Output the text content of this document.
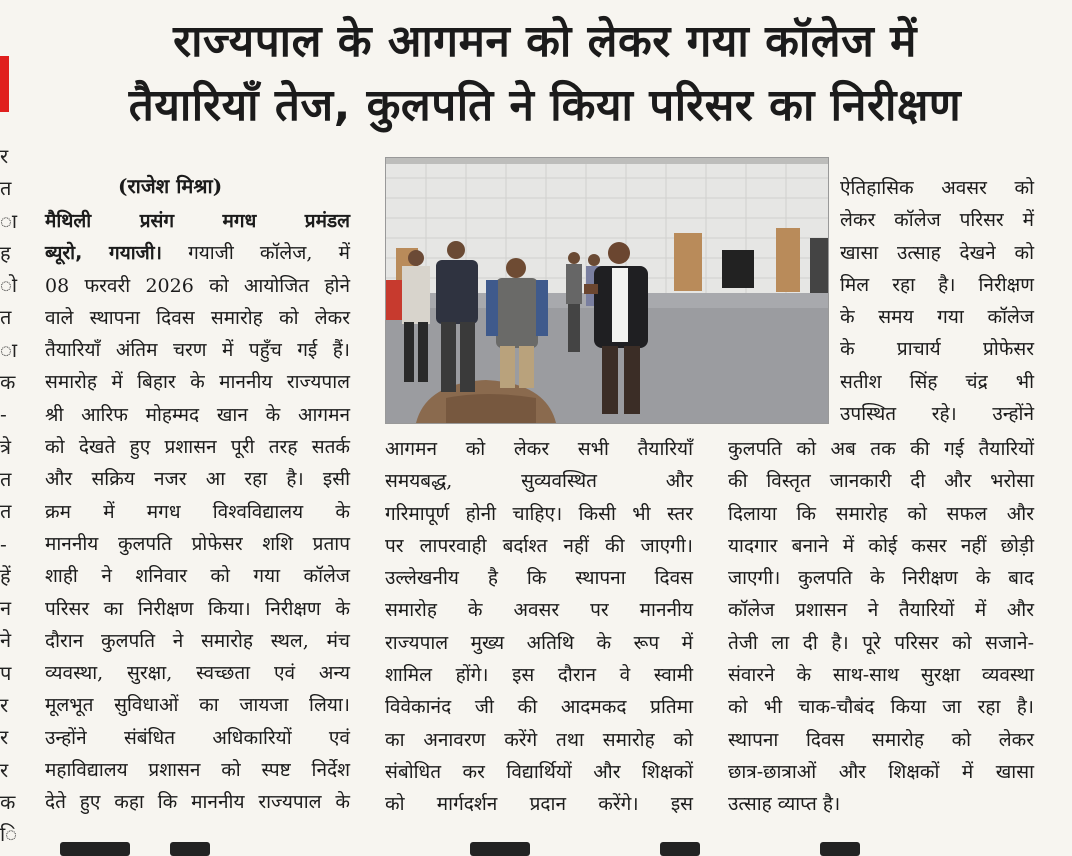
र
त
ा
ह
ो
त
ा
क
-
त्रे
त
त
-
हें
न
ने
प
र
र
र
क
ि
राज्यपाल के आगमन को लेकर गया कॉलेज में
तैयारियाँ तेज, कुलपति ने किया परिसर का निरीक्षण
(राजेश मिश्रा)
मैथिली प्रसंग मगध प्रमंडल
ब्यूरो, गयाजी। गयाजी कॉलेज, में
08 फरवरी 2026 को आयोजित होने
वाले स्थापना दिवस समारोह को लेकर
तैयारियाँ अंतिम चरण में पहुँच गई हैं।
समारोह में बिहार के माननीय राज्यपाल
श्री आरिफ मोहम्मद खान के आगमन
को देखते हुए प्रशासन पूरी तरह सतर्क
और सक्रिय नजर आ रहा है। इसी
क्रम में मगध विश्वविद्यालय के
माननीय कुलपति प्रोफेसर शशि प्रताप
शाही ने शनिवार को गया कॉलेज
परिसर का निरीक्षण किया। निरीक्षण के
दौरान कुलपति ने समारोह स्थल, मंच
व्यवस्था, सुरक्षा, स्वच्छता एवं अन्य
मूलभूत सुविधाओं का जायजा लिया।
उन्होंने संबंधित अधिकारियों एवं
महाविद्यालय प्रशासन को स्पष्ट निर्देश
देते हुए कहा कि माननीय राज्यपाल के
ऐतिहासिक अवसर को
लेकर कॉलेज परिसर में
खासा उत्साह देखने को
मिल रहा है। निरीक्षण
के समय गया कॉलेज
के प्राचार्य प्रोफेसर
सतीश सिंह चंद्र भी
उपस्थित रहे। उन्होंने
आगमन को लेकर सभी तैयारियाँ
समयबद्ध, सुव्यवस्थित और
गरिमापूर्ण होनी चाहिए। किसी भी स्तर
पर लापरवाही बर्दाश्त नहीं की जाएगी।
उल्लेखनीय है कि स्थापना दिवस
समारोह के अवसर पर माननीय
राज्यपाल मुख्य अतिथि के रूप में
शामिल होंगे। इस दौरान वे स्वामी
विवेकानंद जी की आदमकद प्रतिमा
का अनावरण करेंगे तथा समारोह को
संबोधित कर विद्यार्थियों और शिक्षकों
को मार्गदर्शन प्रदान करेंगे। इस
कुलपति को अब तक की गई तैयारियों
की विस्तृत जानकारी दी और भरोसा
दिलाया कि समारोह को सफल और
यादगार बनाने में कोई कसर नहीं छोड़ी
जाएगी। कुलपति के निरीक्षण के बाद
कॉलेज प्रशासन ने तैयारियों में और
तेजी ला दी है। पूरे परिसर को सजाने-
संवारने के साथ-साथ सुरक्षा व्यवस्था
को भी चाक-चौबंद किया जा रहा है।
स्थापना दिवस समारोह को लेकर
छात्र-छात्राओं और शिक्षकों में खासा
उत्साह व्याप्त है।
